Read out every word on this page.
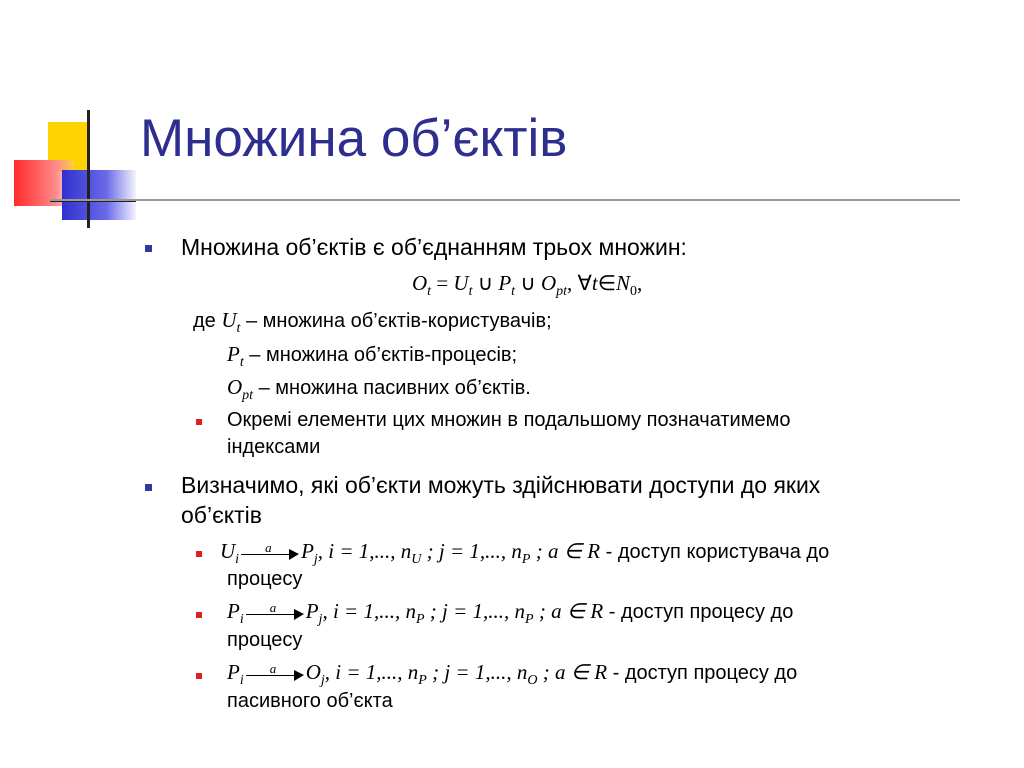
Множина об’єктів
Множина об’єктів є об’єднанням трьох множин:
$O_t = U_t$ ∪ $P_t$ ∪ $O_{pt}$, $\forall t\in N_0$,
де $U_t$ – множина об’єктів-користувачів;
$P_t$ – множина об’єктів-процесів;
$O_{pt}$ – множина пасивних об’єктів.
Окремі елементи цих множин в подальшому позначатимемо
індексами
Визначимо, які об’єкти можуть здійснювати доступи до яких
об’єктів
$U_i$
a $P_j$, i = 1,..., $n_U$ ; j = 1,..., $n_P$ ; a ∈ R - доступ користувача до
процесу
$P_i$
a $P_j$, i = 1,..., $n_P$ ; j = 1,..., $n_P$ ; a ∈ R - доступ процесу до
процесу
$P_i$
a $O_j$, i = 1,..., $n_P$ ; j = 1,..., $n_O$ ; a ∈ R - доступ процесу до
пасивного об’єкта
